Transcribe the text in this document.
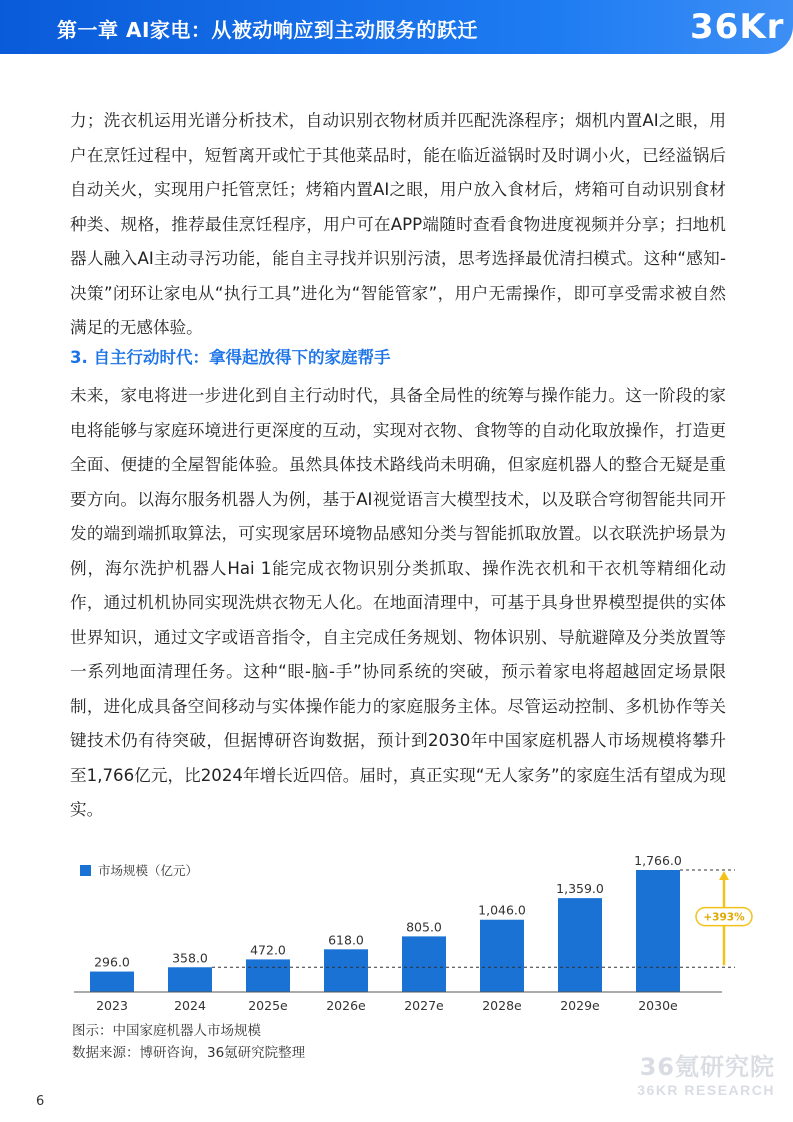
第一章 AI家电：从被动响应到主动服务的跃迁	36Kr

力；洗衣机运用光谱分析技术，自动识别衣物材质并匹配洗涤程序；烟机内置AI之眼，用户在烹饪过程中，短暂离开或忙于其他菜品时，能在临近溢锅时及时调小火，已经溢锅后自动关火，实现用户托管烹饪；烤箱内置AI之眼，用户放入食材后，烤箱可自动识别食材种类、规格，推荐最佳烹饪程序，用户可在APP端随时查看食物进度视频并分享；扫地机器人融入AI主动寻污功能，能自主寻找并识别污渍，思考选择最优清扫模式。这种“感知-决策”闭环让家电从“执行工具”进化为“智能管家”，用户无需操作，即可享受需求被自然满足的无感体验。

3. 自主行动时代：拿得起放得下的家庭帮手

未来，家电将进一步进化到自主行动时代，具备全局性的统筹与操作能力。这一阶段的家电将能够与家庭环境进行更深度的互动，实现对衣物、食物等的自动化取放操作，打造更全面、便捷的全屋智能体验。虽然具体技术路线尚未明确，但家庭机器人的整合无疑是重要方向。以海尔服务机器人为例，基于AI视觉语言大模型技术，以及联合穹彻智能共同开发的端到端抓取算法，可实现家居环境物品感知分类与智能抓取放置。以衣联洗护场景为例，海尔洗护机器人Hai 1能完成衣物识别分类抓取、操作洗衣机和干衣机等精细化动作，通过机机协同实现洗烘衣物无人化。在地面清理中，可基于具身世界模型提供的实体世界知识，通过文字或语音指令，自主完成任务规划、物体识别、导航避障及分类放置等一系列地面清理任务。这种“眼-脑-手”协同系统的突破，预示着家电将超越固定场景限制，进化成具备空间移动与实体操作能力的家庭服务主体。尽管运动控制、多机协作等关键技术仍有待突破，但据博研咨询数据，预计到2030年中国家庭机器人市场规模将攀升至1,766亿元，比2024年增长近四倍。届时，真正实现“无人家务”的家庭生活有望成为现实。

市场规模（亿元）
296.0
2023
358.0
2024
472.0
2025e
618.0
2026e
805.0
2027e
1,046.0
2028e
1,359.0
2029e
1,766.0
2030e
+393%
图示：中国家庭机器人市场规模
数据来源：博研咨询，36氪研究院整理
6
36氪研究院
36KR RESEARCH
